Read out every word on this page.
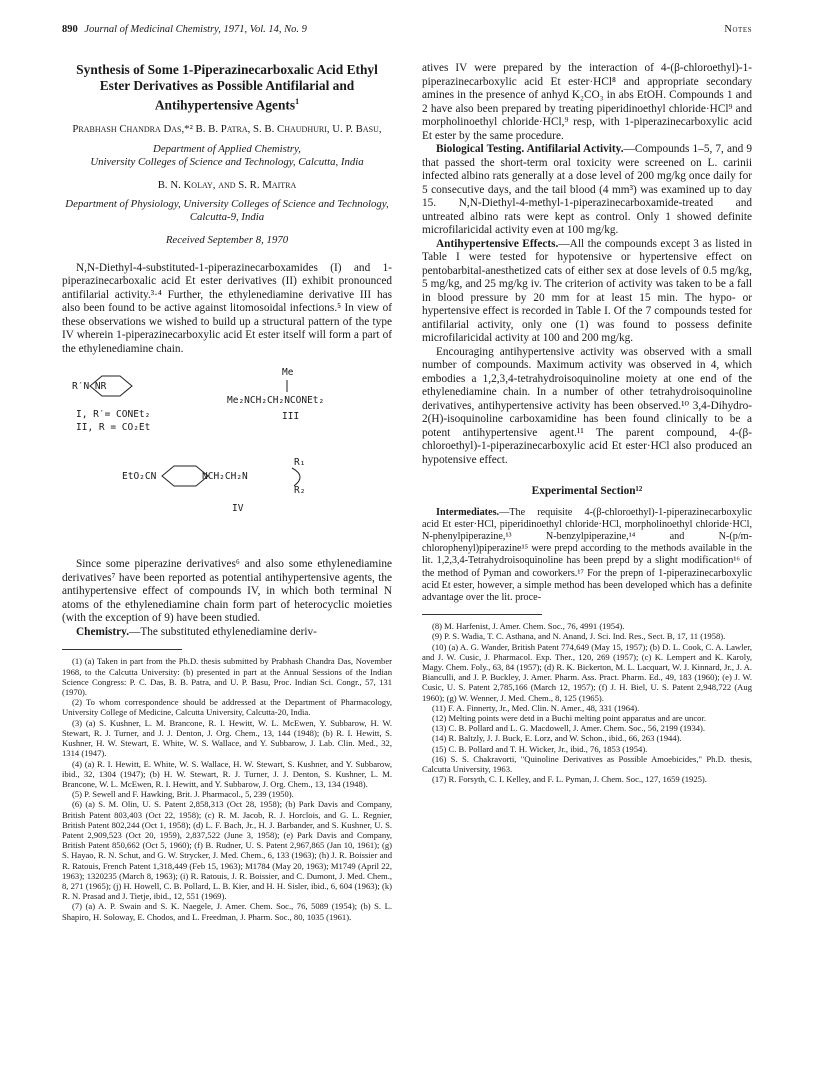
890 Journal of Medicinal Chemistry, 1971, Vol. 14, No. 9	Notes
Synthesis of Some 1-Piperazinecarboxalic Acid Ethyl Ester Derivatives as Possible Antifilarial and Antihypertensive Agents$^1$
Prabhash Chandra Das,*² B. B. Patra, S. B. Chaudhuri, U. P. Basu,
Department of Applied Chemistry,
University Colleges of Science and Technology, Calcutta, India
B. N. Kolay, and S. R. Maitra
Department of Physiology, University Colleges of Science and Technology, Calcutta-9, India
Received September 8, 1970

N,N-Diethyl-4-substituted-1-piperazinecarboxamides (I) and 1-piperazinecarboxalic acid Et ester derivatives (II) exhibit pronounced antifilarial activity.³·⁴ Further, the ethylenediamine derivative III has also been found to be active against litomosoidal infections.⁵ In view of these observations we wished to build up a structural pattern of the type IV wherein 1-piperazinecarboxylic acid Et ester itself will form a part of the ethylenediamine chain.

R′N NR
Me
Me₂NCH₂CH₂NCONEt₂
III
I, R′= CONEt₂
II, R = CO₂Et
EtO₂CN	NCH₂CH₂N
R₁
R₂
IV

Since some piperazine derivatives⁶ and also some ethylenediamine derivatives⁷ have been reported as potential antihypertensive agents, the antihypertensive effect of compounds IV, in which both terminal N atoms of the ethylenediamine chain form part of heterocyclic moieties (with the exception of 9) have been studied.

Chemistry.—The substituted ethylenediamine deriv-

(1) (a) Taken in part from the Ph.D. thesis submitted by Prabhash Chandra Das, November 1968, to the Calcutta University: (b) presented in part at the Annual Sessions of the Indian Science Congress: P. C. Das, B. B. Patra, and U. P. Basu, Proc. Indian Sci. Congr., 57, 131 (1970).
(2) To whom correspondence should be addressed at the Department of Pharmacology, University College of Medicine, Calcutta University, Calcutta-20, India.
(3) (a) S. Kushner, L. M. Brancone, R. I. Hewitt, W. L. McEwen, Y. Subbarow, H. W. Stewart, R. J. Turner, and J. J. Denton, J. Org. Chem., 13, 144 (1948); (b) R. I. Hewitt, S. Kushner, H. W. Stewart, E. White, W. S. Wallace, and Y. Subbarow, J. Lab. Clin. Med., 32, 1314 (1947).
(4) (a) R. I. Hewitt, E. White, W. S. Wallace, H. W. Stewart, S. Kushner, and Y. Subbarow, ibid., 32, 1304 (1947); (b) H. W. Stewart, R. J. Turner, J. J. Denton, S. Kushner, L. M. Brancone, W. L. McEwen, R. I. Hewitt, and Y. Subbarow, J. Org. Chem., 13, 134 (1948).
(5) P. Sewell and F. Hawking, Brit. J. Pharmacol., 5, 239 (1950).
(6) (a) S. M. Olin, U. S. Patent 2,858,313 (Oct 28, 1958); (b) Park Davis and Company, British Patent 803,403 (Oct 22, 1958); (c) R. M. Jacob, R. J. Horclois, and G. L. Regnier, British Patent 802,244 (Oct 1, 1958); (d) L. F. Bach, Jr., H. J. Barbander, and S. Kushner, U. S. Patent 2,909,523 (Oct 20, 1959), 2,837,522 (June 3, 1958); (e) Park Davis and Company, British Patent 850,662 (Oct 5, 1960); (f) B. Rudner, U. S. Patent 2,967,865 (Jan 10, 1961); (g) S. Hayao, R. N. Schut, and G. W. Strycker, J. Med. Chem., 6, 133 (1963); (h) J. R. Boissier and R. Ratouis, French Patent 1,318,449 (Feb 15, 1963); M1784 (May 20, 1963); M1749 (April 22, 1963); 1320235 (March 8, 1963); (i) R. Ratouis, J. R. Boissier, and C. Dumont, J. Med. Chem., 8, 271 (1965); (j) H. Howell, C. B. Pollard, L. B. Kier, and H. H. Sisler, ibid., 6, 604 (1963); (k) R. N. Prasad and J. Tietje, ibid., 12, 551 (1969).
(7) (a) A. P. Swain and S. K. Naegele, J. Amer. Chem. Soc., 76, 5089 (1954); (b) S. L. Shapiro, H. Soloway, E. Chodos, and L. Freedman, J. Pharm. Soc., 80, 1035 (1961).

atives IV were prepared by the interaction of 4-(β-chloroethyl)-1-piperazinecarboxylic acid Et ester·HCl⁸ and appropriate secondary amines in the presence of anhyd K₂CO₃ in abs EtOH. Compounds 1 and 2 have also been prepared by treating piperidinoethyl chloride·HCl⁹ and morpholinoethyl chloride·HCl,⁹ resp, with 1-piperazinecarboxylic acid Et ester by the same procedure.

Biological Testing. Antifilarial Activity.—Compounds 1–5, 7, and 9 that passed the short-term oral toxicity were screened on L. carinii infected albino rats generally at a dose level of 200 mg/kg once daily for 5 consecutive days, and the tail blood (4 mm³) was examined up to day 15. N,N-Diethyl-4-methyl-1-piperazinecarboxamide-treated and untreated albino rats were kept as control. Only 1 showed definite microfilaricidal activity even at 100 mg/kg.

Antihypertensive Effects.—All the compounds except 3 as listed in Table I were tested for hypotensive or hypertensive effect on pentobarbital-anesthetized cats of either sex at dose levels of 0.5 mg/kg, 5 mg/kg, and 25 mg/kg iv. The criterion of activity was taken to be a fall in blood pressure by 20 mm for at least 15 min. The hypo- or hypertensive effect is recorded in Table I. Of the 7 compounds tested for antifilarial activity, only one (1) was found to possess definite microfilaricidal activity at 100 and 200 mg/kg.

Encouraging antihypertensive activity was observed with a small number of compounds. Maximum activity was observed in 4, which embodies a 1,2,3,4-tetrahydroisoquinoline moiety at one end of the ethylenediamine chain. In a number of other tetrahydroisoquinoline derivatives, antihypertensive activity has been observed.¹⁰ 3,4-Dihydro-2(H)-isoquinoline carboxamidine has been found clinically to be a potent antihypertensive agent.¹¹ The parent compound, 4-(β-chloroethyl)-1-piperazinecarboxylic acid Et ester·HCl also produced an hypotensive effect.

Experimental Section¹²

Intermediates.—The requisite 4-(β-chloroethyl)-1-piperazinecarboxylic acid Et ester·HCl, piperidinoethyl chloride·HCl, morpholinoethyl chloride·HCl, N-phenylpiperazine,¹³ N-benzylpiperazine,¹⁴ and N-(p/m-chlorophenyl)piperazine¹⁵ were prepd according to the methods available in the lit. 1,2,3,4-Tetrahydroisoquinoline has been prepd by a slight modification¹⁶ of the method of Pyman and coworkers.¹⁷ For the prepn of 1-piperazinecarboxylic acid Et ester, however, a simple method has been developed which has a definite advantage over the lit. proce-

(8) M. Harfenist, J. Amer. Chem. Soc., 76, 4991 (1954).
(9) P. S. Wadia, T. C. Asthana, and N. Anand, J. Sci. Ind. Res., Sect. B, 17, 11 (1958).
(10) (a) A. G. Wander, British Patent 774,649 (May 15, 1957); (b) D. L. Cook, C. A. Lawler, and J. W. Cusic, J. Pharmacol. Exp. Ther., 120, 269 (1957); (c) K. Lempert and K. Karoly, Magy. Chem. Foly., 63, 84 (1957); (d) R. K. Bickerton, M. L. Lacquart, W. J. Kinnard, Jr., J. A. Bianculli, and J. P. Buckley, J. Amer. Pharm. Ass. Pract. Pharm. Ed., 49, 183 (1960); (e) J. W. Cusic, U. S. Patent 2,785,166 (March 12, 1957); (f) J. H. Biel, U. S. Patent 2,948,722 (Aug 1960); (g) W. Wenner, J. Med. Chem., 8, 125 (1965).
(11) F. A. Finnerty, Jr., Med. Clin. N. Amer., 48, 331 (1964).
(12) Melting points were detd in a Buchi melting point apparatus and are uncor.
(13) C. B. Pollard and L. G. Macdowell, J. Amer. Chem. Soc., 56, 2199 (1934).
(14) R. Baltzly, J. J. Buck, E. Lorz, and W. Schon., ibid., 66, 263 (1944).
(15) C. B. Pollard and T. H. Wicker, Jr., ibid., 76, 1853 (1954).
(16) S. S. Chakravorti, "Quinoline Derivatives as Possible Amoebicides," Ph.D. thesis, Calcutta University, 1963.
(17) R. Forsyth, C. I. Kelley, and F. L. Pyman, J. Chem. Soc., 127, 1659 (1925).
